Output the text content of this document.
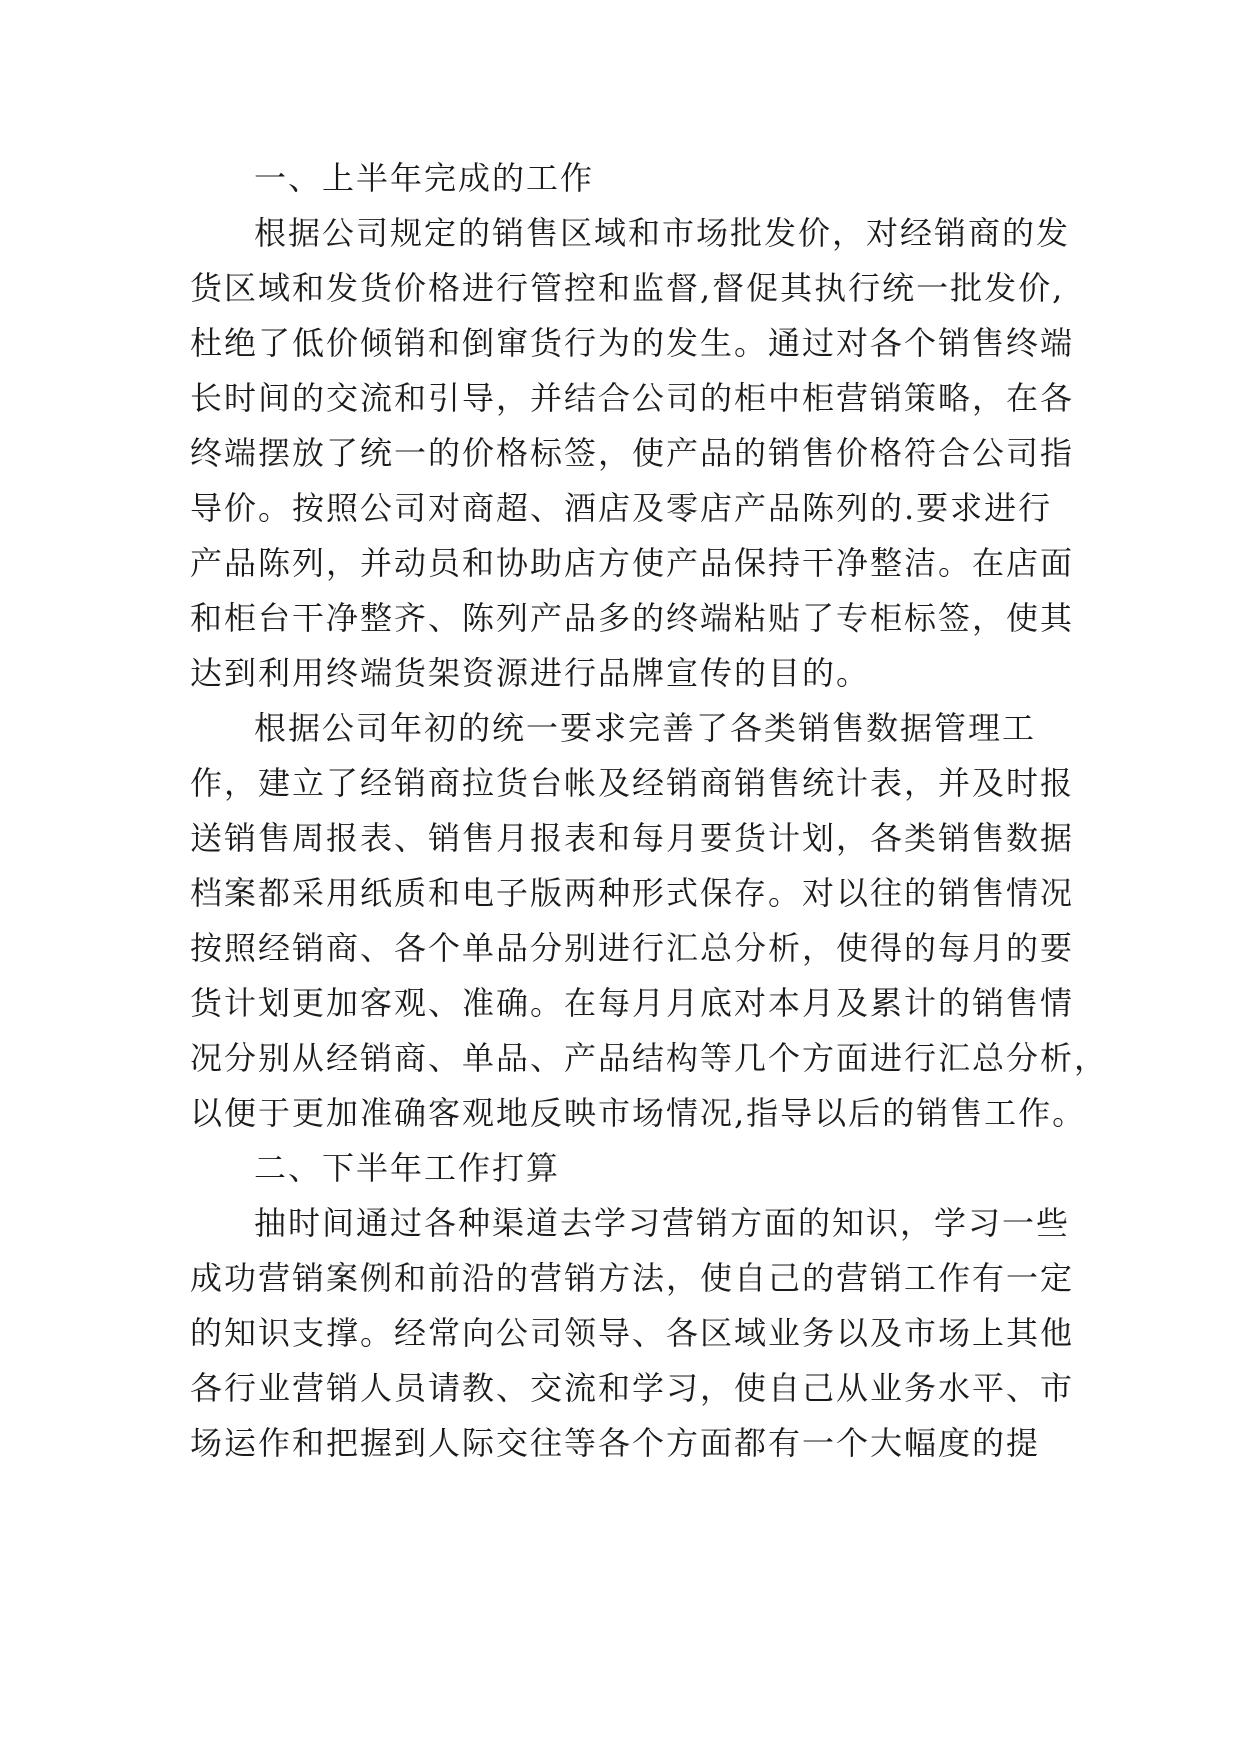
一、上半年完成的工作
根据公司规定的销售区域和市场批发价，对经销商的发
货区域和发货价格进行管控和监督,督促其执行统一批发价,
杜绝了低价倾销和倒窜货行为的发生。通过对各个销售终端
长时间的交流和引导，并结合公司的柜中柜营销策略，在各
终端摆放了统一的价格标签，使产品的销售价格符合公司指
导价。按照公司对商超、酒店及零店产品陈列的.要求进行
产品陈列，并动员和协助店方使产品保持干净整洁。在店面
和柜台干净整齐、陈列产品多的终端粘贴了专柜标签，使其
达到利用终端货架资源进行品牌宣传的目的。
根据公司年初的统一要求完善了各类销售数据管理工
作，建立了经销商拉货台帐及经销商销售统计表，并及时报
送销售周报表、销售月报表和每月要货计划，各类销售数据
档案都采用纸质和电子版两种形式保存。对以往的销售情况
按照经销商、各个单品分别进行汇总分析，使得的每月的要
货计划更加客观、准确。在每月月底对本月及累计的销售情
况分别从经销商、单品、产品结构等几个方面进行汇总分析，
以便于更加准确客观地反映市场情况,指导以后的销售工作。
二、下半年工作打算
抽时间通过各种渠道去学习营销方面的知识，学习一些
成功营销案例和前沿的营销方法，使自己的营销工作有一定
的知识支撑。经常向公司领导、各区域业务以及市场上其他
各行业营销人员请教、交流和学习，使自己从业务水平、市
场运作和把握到人际交往等各个方面都有一个大幅度的提
